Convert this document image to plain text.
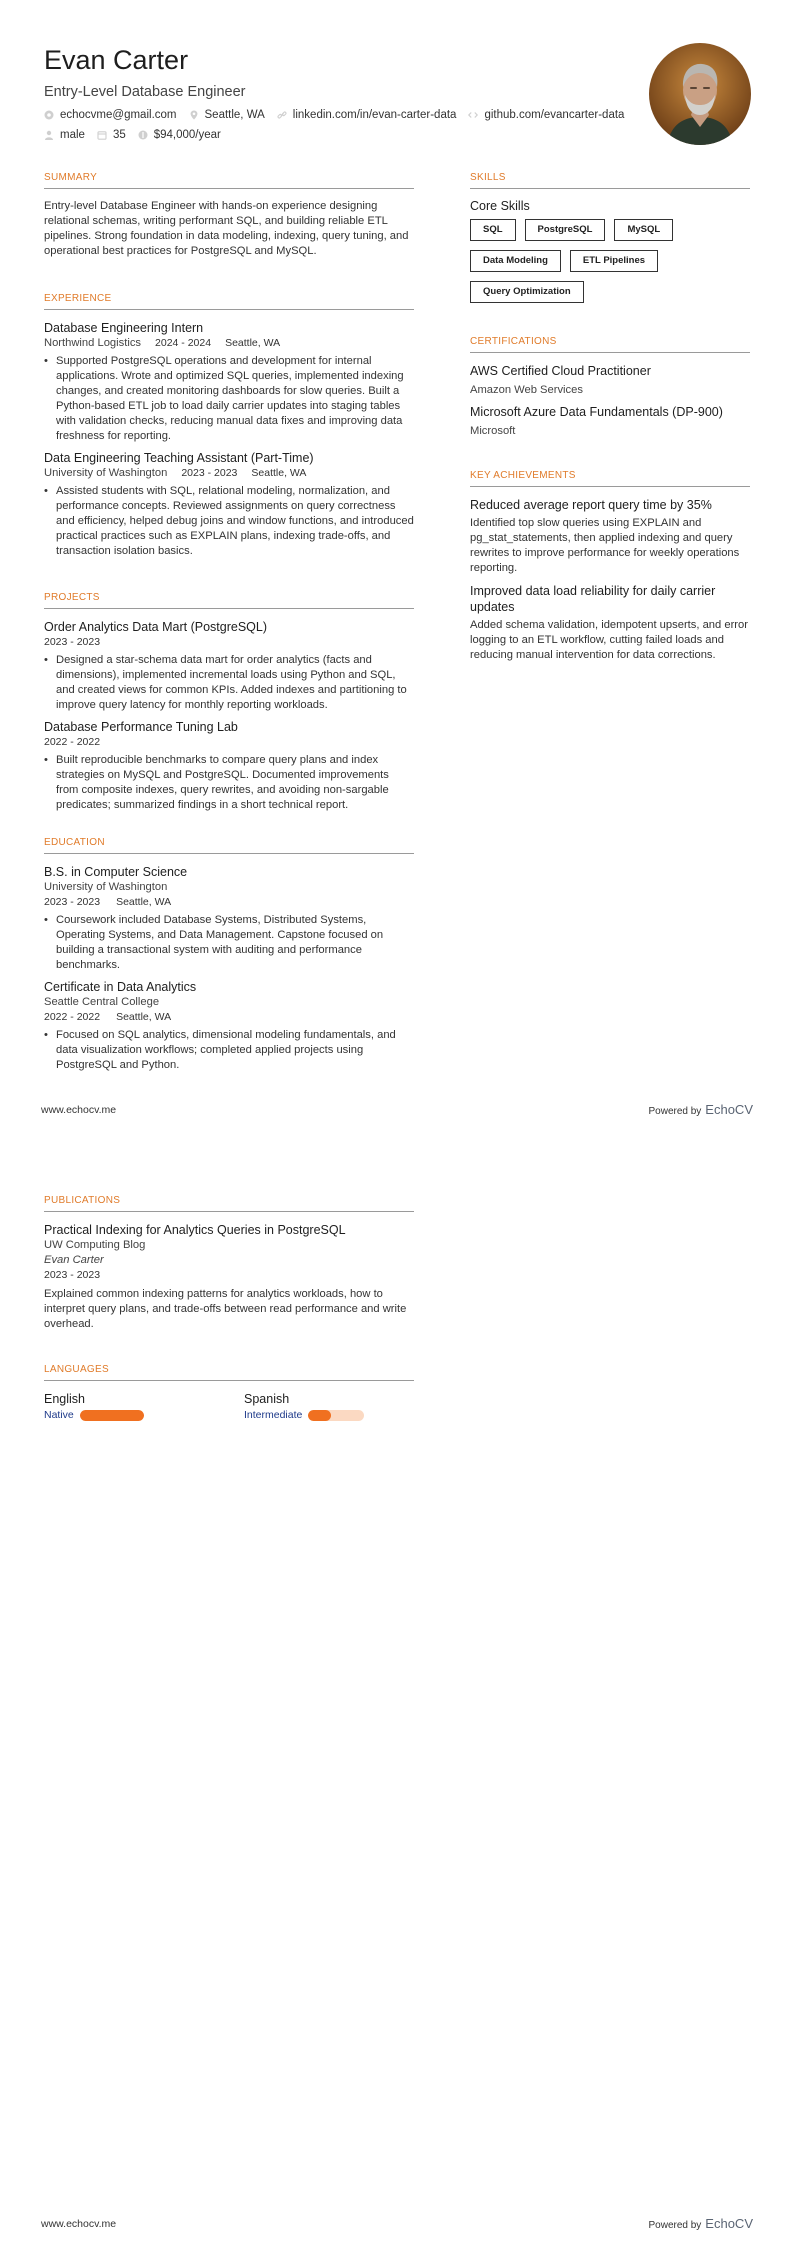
Evan Carter
Entry-Level Database Engineer
echocvme@gmail.com Seattle, WA linkedin.com/in/evan-carter-data github.com/evancarter-data
male 35 $94,000/year
SUMMARY
Entry-level Database Engineer with hands-on experience designing relational schemas, writing performant SQL, and building reliable ETL pipelines. Strong foundation in data modeling, indexing, query tuning, and operational best practices for PostgreSQL and MySQL.
EXPERIENCE
Database Engineering Intern
Northwind Logistics 2024 - 2024 Seattle, WA
• Supported PostgreSQL operations and development for internal applications. Wrote and optimized SQL queries, implemented indexing changes, and created monitoring dashboards for slow queries. Built a Python-based ETL job to load daily carrier updates into staging tables with validation checks, reducing manual data fixes and improving data freshness for reporting.
Data Engineering Teaching Assistant (Part-Time)
University of Washington 2023 - 2023 Seattle, WA
• Assisted students with SQL, relational modeling, normalization, and performance concepts. Reviewed assignments on query correctness and efficiency, helped debug joins and window functions, and introduced practical practices such as EXPLAIN plans, indexing trade-offs, and transaction isolation basics.
PROJECTS
Order Analytics Data Mart (PostgreSQL)
2023 - 2023
• Designed a star-schema data mart for order analytics (facts and dimensions), implemented incremental loads using Python and SQL, and created views for common KPIs. Added indexes and partitioning to improve query latency for monthly reporting workloads.
Database Performance Tuning Lab
2022 - 2022
• Built reproducible benchmarks to compare query plans and index strategies on MySQL and PostgreSQL. Documented improvements from composite indexes, query rewrites, and avoiding non-sargable predicates; summarized findings in a short technical report.
EDUCATION
B.S. in Computer Science
University of Washington
2023 - 2023 Seattle, WA
• Coursework included Database Systems, Distributed Systems, Operating Systems, and Data Management. Capstone focused on building a transactional system with auditing and performance benchmarks.
Certificate in Data Analytics
Seattle Central College
2022 - 2022 Seattle, WA
• Focused on SQL analytics, dimensional modeling fundamentals, and data visualization workflows; completed applied projects using PostgreSQL and Python.
SKILLS
Core Skills
SQL	PostgreSQL	MySQL
Data Modeling	ETL Pipelines
Query Optimization
CERTIFICATIONS
AWS Certified Cloud Practitioner
Amazon Web Services
Microsoft Azure Data Fundamentals (DP-900)
Microsoft
KEY ACHIEVEMENTS
Reduced average report query time by 35%
Identified top slow queries using EXPLAIN and pg_stat_statements, then applied indexing and query rewrites to improve performance for weekly operations reporting.
Improved data load reliability for daily carrier updates
Added schema validation, idempotent upserts, and error logging to an ETL workflow, cutting failed loads and reducing manual intervention for data corrections.
www.echocv.me	Powered by EchoCV
PUBLICATIONS
Practical Indexing for Analytics Queries in PostgreSQL
UW Computing Blog
Evan Carter
2023 - 2023
Explained common indexing patterns for analytics workloads, how to interpret query plans, and trade-offs between read performance and write overhead.
LANGUAGES
English
Native
Spanish
Intermediate
www.echocv.me	Powered by EchoCV
